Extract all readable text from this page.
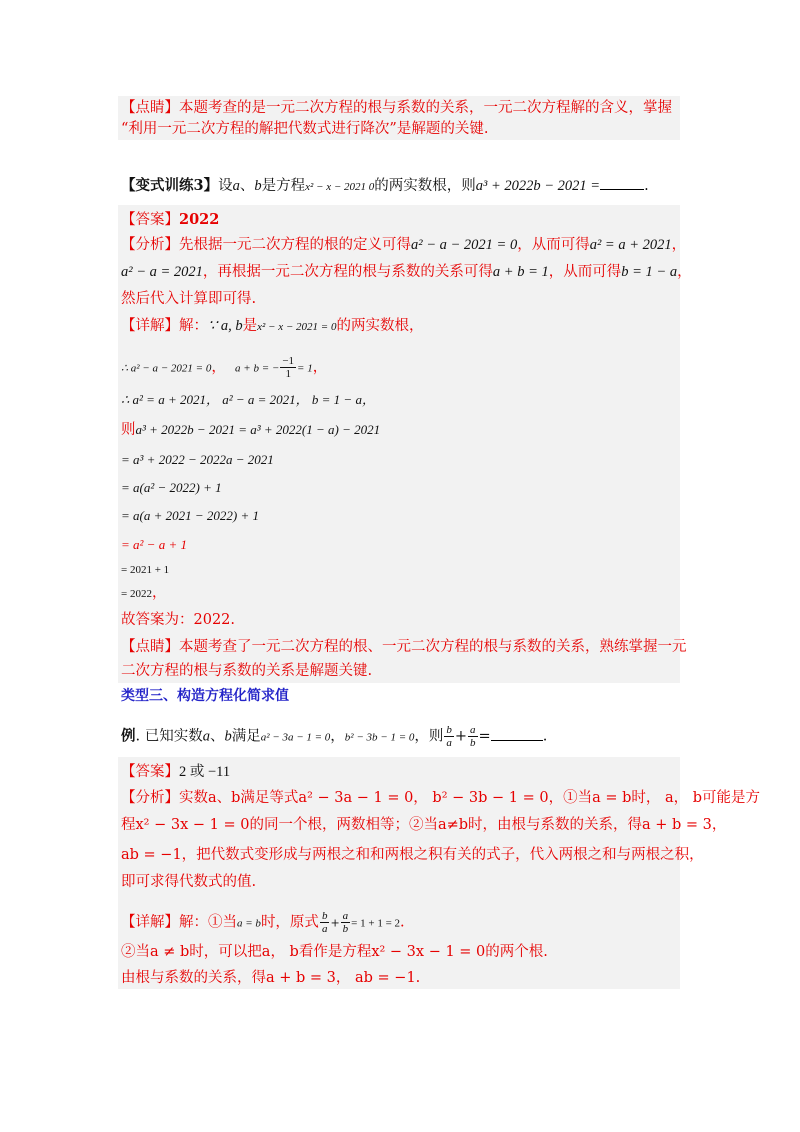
【点睛】本题考查的是一元二次方程的根与系数的关系，一元二次方程解的含义，掌握
“利用一元二次方程的解把代数式进行降次”是解题的关键.
【变式训练3】设a、b是方程x² − x − 2021 0的两实数根，则a³ + 2022b − 2021 =	.
【答案】2022
【分析】先根据一元二次方程的根的定义可得a² − a − 2021 = 0，从而可得a² = a + 2021，
a² − a = 2021，再根据一元二次方程的根与系数的关系可得a + b = 1，从而可得b = 1 − a，
然后代入计算即可得.
【详解】解：∵ a, b是x² − x − 2021 = 0的两实数根，
∴ a² − a − 2021 = 0， a + b = − $\frac{-1}{1} = 1$，
∴ a² = a + 2021， a² − a = 2021， b = 1 − a，
则a³ + 2022b − 2021 = a³ + 2022(1 − a) − 2021
= a³ + 2022 − 2022a − 2021
= a(a² − 2022) + 1
= a(a + 2021 − 2022) + 1
= a² − a + 1
= 2021 + 1
= 2022，
故答案为：2022.
【点睛】本题考查了一元二次方程的根、一元二次方程的根与系数的关系，熟练掌握一元
二次方程的根与系数的关系是解题关键.
类型三、构造方程化简求值
例. 已知实数a、b满足a² − 3a − 1 = 0，b² − 3b − 1 = 0，则 $\frac{b}{a} + \frac{a}{b}$ =	.
【答案】2 或 −11
【分析】实数a、b满足等式a² − 3a − 1 = 0， b² − 3b − 1 = 0，①当a = b时， a， b可能是方
程x² − 3x − 1 = 0的同一个根，两数相等；②当a≠b时，由根与系数的关系，得a + b = 3，
ab = −1，把代数式变形成与两根之和和两根之积有关的式子，代入两根之和与两根之积，
即可求得代数式的值.
【详解】解：①当a = b时，原式 $\frac{b}{a} + \frac{a}{b} = 1 + 1 = 2$.
②当a ≠ b时，可以把a， b看作是方程x² − 3x − 1 = 0的两个根.
由根与系数的关系，得a + b = 3， ab = −1.
